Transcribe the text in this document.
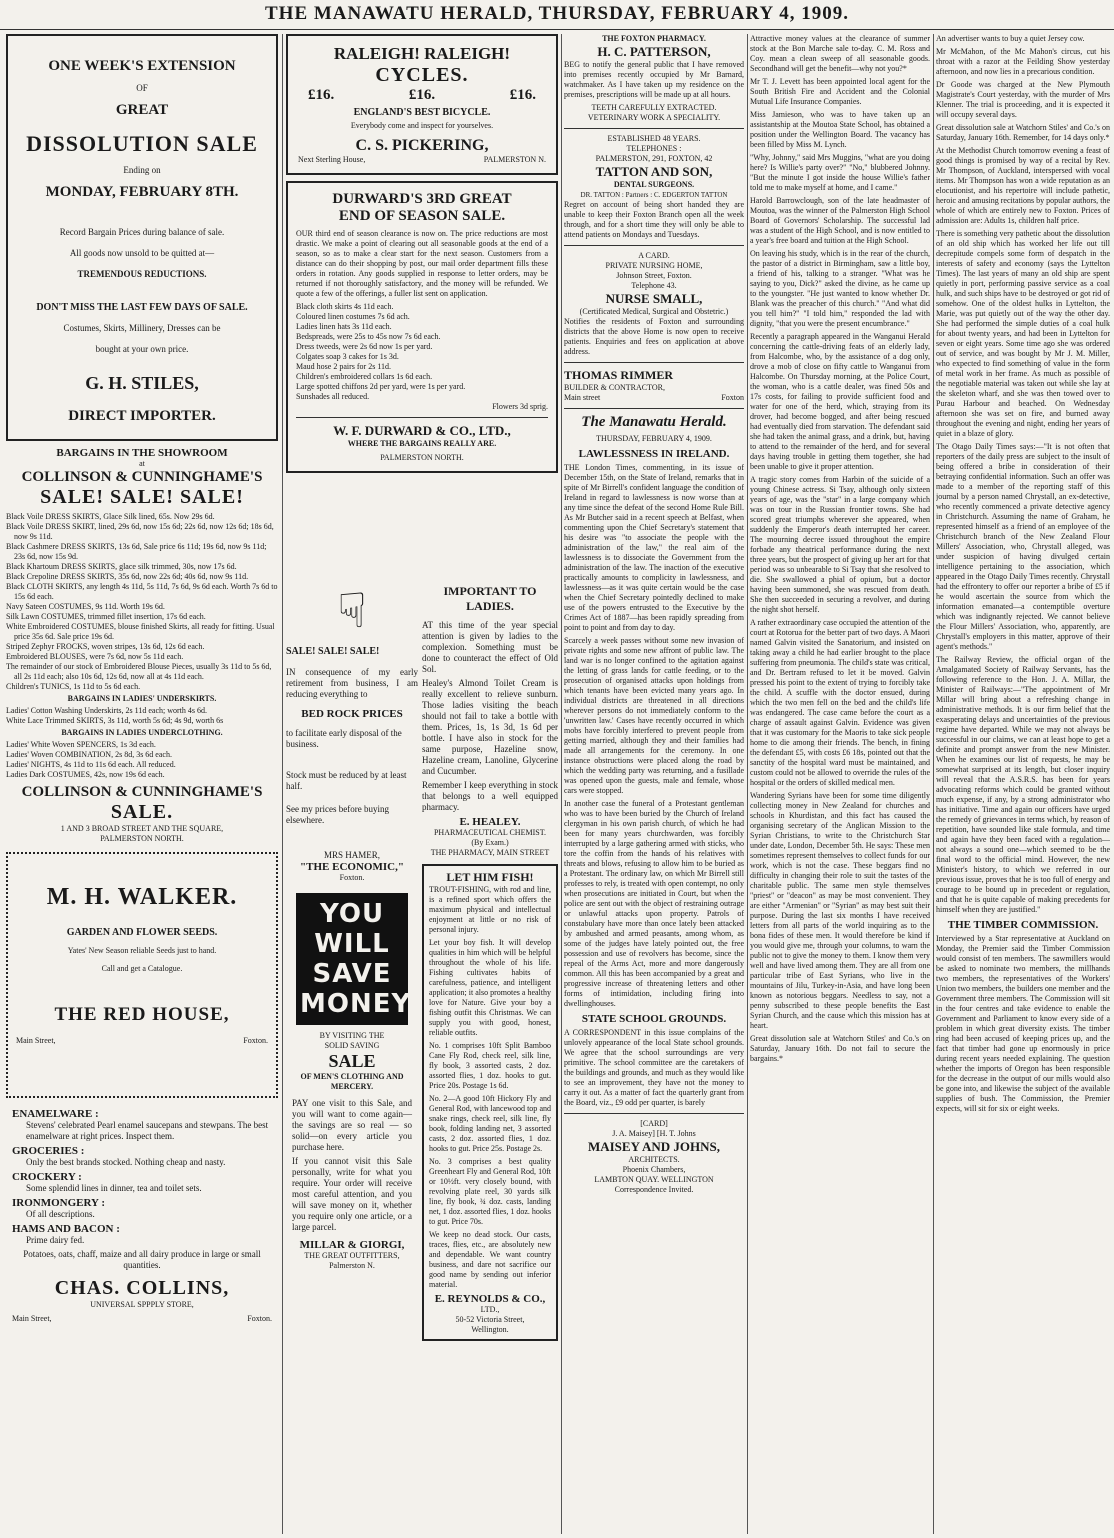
THE MANAWATU HERALD, THURSDAY, FEBRUARY 4, 1909.
ONE WEEK'S EXTENSION
OF
GREAT
DISSOLUTION SALE
Ending on
MONDAY, FEBRUARY 8TH.
Record Bargain Prices during balance of sale.
All goods now unsold to be quitted at—
TREMENDOUS REDUCTIONS.
DON'T MISS THE LAST FEW DAYS OF SALE.
Costumes, Skirts, Millinery, Dresses can be
bought at your own price.
G. H. STILES,
DIRECT IMPORTER.
BARGAINS IN THE SHOWROOM
at
COLLINSON & CUNNINGHAME'S
SALE! SALE! SALE!
Black Voile DRESS SKIRTS, Glace Silk lined, 65s. Now 29s 6d.
Black Voile DRESS SKIRT, lined, 29s 6d, now 15s 6d; 22s 6d, now 12s 6d; 18s 6d, now 9s 11d.
Black Cashmere DRESS SKIRTS, 13s 6d, Sale price 6s 11d; 19s 6d, now 9s 11d; 23s 6d, now 15s 9d.
Black Khartoum DRESS SKIRTS, glace silk trimmed, 30s, now 17s 6d.
Black Crepoline DRESS SKIRTS, 35s 6d, now 22s 6d; 40s 6d, now 9s 11d.
Black CLOTH SKIRTS, any length 4s 11d, 5s 11d, 7s 6d, 9s 6d each. Worth 7s 6d to 15s 6d each.
Navy Sateen COSTUMES, 9s 11d. Worth 19s 6d.
Silk Lawn COSTUMES, trimmed fillet insertion, 17s 6d each.
White Embroidered COSTUMES, blouse finished Skirts, all ready for fitting. Usual price 35s 6d. Sale price 19s 6d.
Striped Zephyr FROCKS, woven stripes, 13s 6d, 12s 6d each.
Embroidered BLOUSES, were 7s 6d, now 5s 11d each.
The remainder of our stock of Embroidered Blouse Pieces, usually 3s 11d to 5s 6d, all 2s 11d each; also 10s 6d, 12s 6d, now all at 4s 11d each.
Children's TUNICS, 1s 11d to 5s 6d each.
BARGAINS IN LADIES' UNDERSKIRTS.
Ladies' Cotton Washing Underskirts, 2s 11d each; worth 4s 6d.
White Lace Trimmed SKIRTS, 3s 11d, worth 5s 6d; 4s 9d, worth 6s
BARGAINS IN LADIES UNDERCLOTHING.
Ladies' White Woven SPENCERS, 1s 3d each.
Ladies' Woven COMBINATION, 2s 8d, 3s 6d each.
Ladies' NIGHTS, 4s 11d to 11s 6d each. All reduced.
Ladies Dark COSTUMES, 42s, now 19s 6d each.
COLLINSON & CUNNINGHAME'S
SALE.
1 AND 3 BROAD STREET AND THE SQUARE,
PALMERSTON NORTH.
M. H. WALKER.
GARDEN AND FLOWER SEEDS.
Yates' New Season reliable Seeds just to hand.
Call and get a Catalogue.
THE RED HOUSE,
Main Street,	Foxton.
ENAMELWARE :

Stevens' celebrated Pearl enamel saucepans and stewpans. The best enamelware at right prices. Inspect them.

GROCERIES :

Only the best brands stocked. Nothing cheap and nasty.

CROCKERY :

Some splendid lines in dinner, tea and toilet sets.

IRONMONGERY :

Of all descriptions.

HAMS AND BACON :

Prime dairy fed.

Potatoes, oats, chaff, maize and all dairy produce in large or small quantities.

CHAS. COLLINS,
UNIVERSAL SPPPLY STORE,
Main Street,	Foxton.
RALEIGH! RALEIGH!
CYCLES.
£16.	£16.	£16.
ENGLAND'S BEST BICYCLE.
Everybody come and inspect for yourselves.
C. S. PICKERING,
Next Sterling House,	PALMERSTON N.
DURWARD'S 3RD GREAT
END OF SEASON SALE.

OUR third end of season clearance is now on. The price reductions are most drastic. We make a point of clearing out all seasonable goods at the end of a season, so as to make a clear start for the next season. Customers from a distance can do their shopping by post, our mail order department fills these orders in rotation. Any goods supplied in response to letter orders, may be returned if not thoroughly satisfactory, and the money will be refunded. We quote a few of the offerings, a fuller list sent on application.

Black cloth skirts 4s 11d each.
Coloured linen costumes 7s 6d ach.
Ladies linen hats 3s 11d each.
Bedspreads, were 25s to 45s now 7s 6d each.
Dress tweeds, were 2s 6d now 1s per yard.
Colgates soap 3 cakes for 1s 3d.
Maud hose 2 pairs for 2s 11d.
Children's embroidered collars 1s 6d each.
Large spotted chiffons 2d per yard, were 1s per yard.
Sunshades all reduced.
Flowers 3d sprig.
W. F. DURWARD & CO., LTD.,
WHERE THE BARGAINS REALLY ARE.
PALMERSTON NORTH.
☟
SALE! SALE! SALE!

IN consequence of my early retirement from business, I am reducing everything to

BED ROCK PRICES

to facilitate early disposal of the business.

Stock must be reduced by at least half.

See my prices before buying elsewhere.

MRS HAMER,
"THE ECONOMIC,"
Foxton.
YOU
WILL
SAVE
MONEY
BY VISITING THE
SOLID SAVING
SALE
OF MEN'S CLOTHING AND MERCERY.

PAY one visit to this Sale, and you will want to come again—the savings are so real — so solid—on every article you purchase here.

If you cannot visit this Sale personally, write for what you require. Your order will receive most careful attention, and you will save money on it, whether you require only one article, or a large parcel.

MILLAR & GIORGI,
THE GREAT OUTFITTERS,
Palmerston N.
IMPORTANT TO
LADIES.

AT this time of the year special attention is given by ladies to the complexion. Something must be done to counteract the effect of Old Sol.

Healey's Almond Toilet Cream is really excellent to relieve sunburn. Those ladies visiting the beach should not fail to take a bottle with them. Prices, 1s, 1s 3d, 1s 6d per bottle. I have also in stock for the same purpose, Hazeline snow, Hazeline cream, Lanoline, Glycerine and Cucumber.

Remember I keep everything in stock that belongs to a well equipped pharmacy.

E. HEALEY.
PHARMACEUTICAL CHEMIST.
(By Exam.)
THE PHARMACY, MAIN STREET
LET HIM FISH!

TROUT-FISHING, with rod and line, is a refined sport which offers the maximum physical and intellectual enjoyment at little or no risk of personal injury.

Let your boy fish. It will develop qualities in him which will be helpful throughout the whole of his life. Fishing cultivates habits of carefulness, patience, and intelligent application; it also promotes a healthy love for Nature. Give your boy a fishing outfit this Christmas. We can supply you with good, honest, reliable outfits.

No. 1 comprises 10ft Split Bamboo Cane Fly Rod, check reel, silk line, fly book, 3 assorted casts, 2 doz. assorted flies, 1 doz. hooks to gut. Price 20s. Postage 1s 6d.

No. 2—A good 10ft Hickory Fly and General Rod, with lancewood top and snake rings, check reel, silk line, fly book, folding landing net, 3 assorted casts, 2 doz. assorted flies, 1 doz. hooks to gut. Price 25s. Postage 2s.

No. 3 comprises a best quality Greenheart Fly and General Rod, 10ft or 10½ft. very closely bound, with revolving plate reel, 30 yards silk line, fly book, ¾ doz. casts, landing net, 1 doz. assorted flies, 1 doz. hooks to gut. Price 70s.

We keep no dead stock. Our casts, traces, flies, etc., are absolutely new and dependable. We want country business, and dare not sacrifice our good name by sending out inferior material.

E. REYNOLDS & CO.,
LTD.,
50-52 Victoria Street,
Wellington.
THE FOXTON PHARMACY.
H. C. PATTERSON,

BEG to notify the general public that I have removed into premises recently occupied by Mr Barnard, watchmaker. As I have taken up my residence on the premises, prescriptions will be made up at all hours.

TEETH CAREFULLY EXTRACTED.
VETERINARY WORK A SPECIALITY.
ESTABLISHED 48 YEARS.
TELEPHONES :
PALMERSTON, 291, FOXTON, 42
TATTON AND SON,
DENTAL SURGEONS.
DR. TATTON : Partners : C. EDGERTON TATTON

Regret on account of being short handed they are unable to keep their Foxton Branch open all the week through, and for a short time they will only be able to attend patients on Mondays and Tuesdays.

A CARD.
PRIVATE NURSING HOME,
Johnson Street, Foxton.
Telephone 43.
NURSE SMALL,
(Certificated Medical, Surgical and Obstetric.)

Notifies the residents of Foxton and surrounding districts that the above Home is now open to receive patients. Enquiries and fees on application at above address.

THOMAS RIMMER
BUILDER & CONTRACTOR,
Main street	Foxton
The Manawatu Herald.
THURSDAY, FEBRUARY 4, 1909.
LAWLESSNESS IN IRELAND.

THE London Times, commenting, in its issue of December 15th, on the State of Ireland, remarks that in spite of Mr Birrell's confident language the condition of Ireland in regard to lawlessness is now worse than at any time since the defeat of the second Home Rule Bill. As Mr Butcher said in a recent speech at Belfast, when commenting upon the Chief Secretary's statement that his desire was "to associate the people with the administration of the law," the real aim of the lawlessness is to dissociate the Government from the administration of the law. The inaction of the executive practically amounts to complicity in lawlessness, and lawlessness—as it was quite certain would be the case when the Chief Secretary pointedly declined to make use of the powers entrusted to the Executive by the Crimes Act of 1887—has been rapidly spreading from point to point and from day to day.

Scarcely a week passes without some new invasion of private rights and some new affront of public law. The land war is no longer confined to the agitation against the letting of grass lands for cattle feeding, or to the prosecution of organised attacks upon holdings from which tenants have been evicted many years ago. In individual districts are threatened in all directions wherever persons do not immediately conform to the 'unwritten law.' Cases have recently occurred in which mobs have forcibly interfered to prevent people from getting married, although they and their families had made all arrangements for the ceremony. In one instance obstructions were placed along the road by which the wedding party was returning, and a fusillade was opened upon the guests, male and female, whose cars were stopped.

In another case the funeral of a Protestant gentleman who was to have been buried by the Church of Ireland clergyman in his own parish church, of which he had been for many years churchwarden, was forcibly interrupted by a large gathering armed with sticks, who tore the coffin from the hands of his relatives with threats and blows, refusing to allow him to be buried as a Protestant. The ordinary law, on which Mr Birrell still professes to rely, is treated with open contempt, no only when prosecutions are initiated in Court, but when the police are sent out with the object of restraining outrage or unlawful attacks upon property. Patrols of constabulary have more than once lately been attacked by ambushed and armed peasants, among whom, as some of the judges have lately pointed out, the free possession and use of revolvers has become, since the repeal of the Arms Act, more and more dangerously common. All this has been accompanied by a great and progressive increase of threatening letters and other forms of intimidation, including firing into dwellinghouses.

STATE SCHOOL GROUNDS.

A CORRESPONDENT in this issue complains of the unlovely appearance of the local State school grounds. We agree that the school surroundings are very primitive. The school committee are the caretakers of the buildings and grounds, and much as they would like to see an improvement, they have not the money to carry it out. As a matter of fact the quarterly grant from the Board, viz., £9 odd per quarter, is barely

[CARD]
J. A. Maisey] [H. T. Johns
MAISEY AND JOHNS,
ARCHITECTS.
Phoenix Chambers,
LAMBTON QUAY. WELLINGTON
Correspondence Invited.

Attractive money values at the clearance of summer stock at the Bon Marche sale to-day. C. M. Ross and Coy. mean a clean sweep of all seasonable goods. Secondhand will get the benefit—why not you?*

Mr T. J. Levett has been appointed local agent for the South British Fire and Accident and the Colonial Mutual Life Insurance Companies.

Miss Jamieson, who was to have taken up an assistantship at the Moutoa State School, has obtained a position under the Wellington Board. The vacancy has been filled by Miss M. Lynch.

"Why, Johnny," said Mrs Muggins, "what are you doing here? Is Willie's party over?" "No," blubbered Johnny. "But the minute I got inside the house Willie's father told me to make myself at home, and I came."

Harold Barrowclough, son of the late headmaster of Moutoa, was the winner of the Palmerston High School Board of Governors' Scholarship. The successful lad was a student of the High School, and is now entitled to a year's free board and tuition at the High School.

On leaving his study, which is in the rear of the church, the pastor of a district in Birmingham, saw a little boy, a friend of his, talking to a stranger. "What was he saying to you, Dick?" asked the divine, as he came up to the youngster. "He just wanted to know whether Dr. Blank was the preacher of this church." "And what did you tell him?" "I told him," responded the lad with dignity, "that you were the present encumbrance."

Recently a paragraph appeared in the Wanganui Herald concerning the cattle-driving feats of an elderly lady, from Halcombe, who, by the assistance of a dog only, drove a mob of close on fifty cattle to Wanganui from Halcombe. On Thursday morning, at the Police Court, the woman, who is a cattle dealer, was fined 50s and 17s costs, for failing to provide sufficient food and water for one of the herd, which, straying from its drover, had become bogged, and after being rescued had eventually died from starvation. The defendant said she had taken the animal grass, and a drink, but, having to attend to the remainder of the herd, and for several days having trouble in getting them together, she had been unable to give it proper attention.

A tragic story comes from Harbin of the suicide of a young Chinese actress. Si Tsay, although only sixteen years of age, was the "star" in a large company which was on tour in the Russian frontier towns. She had scored great triumphs wherever she appeared, when suddenly the Emperor's death interrupted her career. The mourning decree issued throughout the empire forbade any theatrical performance during the next three years, but the prospect of giving up her art for that period was so unbearable to Si Tsay that she resolved to die. She swallowed a phial of opium, but a doctor having been summoned, she was rescued from death. She then succeeded in securing a revolver, and during the night shot herself.

A rather extraordinary case occupied the attention of the court at Rotorua for the better part of two days. A Maori named Galvin visited the Sanatorium, and insisted on taking away a child he had earlier brought to the place suffering from pneumonia. The child's state was critical, and Dr. Bertram refused to let it be moved. Galvin pressed his point to the extent of trying to forcibly take the child. A scuffle with the doctor ensued, during which the two men fell on the bed and the child's life was endangered. The case came before the court as a charge of assault against Galvin. Evidence was given that it was customary for the Maoris to take sick people home to die among their friends. The bench, in fining the defendant £5, with costs £6 18s, pointed out that the sanctity of the hospital ward must be maintained, and custom could not be allowed to override the rules of the hospital or the orders of skilled medical men.

Wandering Syrians have been for some time diligently collecting money in New Zealand for churches and schools in Khurdistan, and this fact has caused the organising secretary of the Anglican Mission to the Syrian Christians, to write to the Christchurch Star under date, London, December 5th. He says: These men sometimes represent themselves to collect funds for our work, which is not the case. These beggars find no difficulty in changing their role to suit the tastes of the charitable public. The same men style themselves "priest" or "deacon" as may be most convenient. They are either "Armenian" or "Syrian" as may best suit their purpose. During the last six months I have received letters from all parts of the world inquiring as to the bona fides of these men. It would therefore be kind if you would give me, through your columns, to warn the public not to give the money to them. I know them very well and have lived among them. They are all from one particular tribe of East Syrians, who live in the mountains of Jilu, Turkey-in-Asia, and have long been known as notorious beggars. Needless to say, not a penny subscribed to these people benefits the East Syrian Church, and the cause which this mission has at heart.

Great dissolution sale at Watchorn Stiles' and Co.'s on Saturday, January 16th. Do not fail to secure the bargains.*

An advertiser wants to buy a quiet Jersey cow.

Mr McMahon, of the Mc Mahon's circus, cut his throat with a razor at the Feilding Show yesterday afternoon, and now lies in a precarious condition.

Dr Goode was charged at the New Plymouth Magistrate's Court yesterday, with the murder of Mrs Klenner. The trial is proceeding, and it is expected it will occupy several days.

Great dissolution sale at Watchorn Stiles' and Co.'s on Saturday, January 16th. Remember, for 14 days only.*

At the Methodist Church tomorrow evening a feast of good things is promised by way of a recital by Rev. Mr Thompson, of Auckland, interspersed with vocal items. Mr Thompson has won a wide reputation as an elocutionist, and his repertoire will include pathetic, heroic and amusing recitations by popular authors, the whole of which are entirely new to Foxton. Prices of admission are: Adults 1s, children half price.

There is something very pathetic about the dissolution of an old ship which has worked her life out till decrepitude compels some form of despatch in the interests of safety and economy (says the Lyttelton Times). The last years of many an old ship are spent quietly in port, performing passive service as a coal hulk, and such ships have to be destroyed or got rid of somehow. One of the oldest hulks in Lyttelton, the Marie, was put quietly out of the way the other day. She had performed the simple duties of a coal hulk for about twenty years, and had been in Lyttelton for seven or eight years. Some time ago she was ordered out of service, and was bought by Mr J. M. Miller, who expected to find something of value in the form of metal work in her frame. As much as possible of the negotiable material was taken out while she lay at the skeleton wharf, and she was then towed over to Purau Harbour and beached. On Wednesday afternoon she was set on fire, and burned away throughout the evening and night, ending her years of quiet in a blaze of glory.

The Otago Daily Times says:—"It is not often that reporters of the daily press are subject to the insult of being offered a bribe in consideration of their betraying confidential information. Such an offer was made to a member of the reporting staff of this journal by a person named Chrystall, an ex-detective, who recently commenced a private detective agency in Christchurch. Assuming the name of Graham, he represented himself as a friend of an employee of the Christchurch branch of the New Zealand Flour Millers' Association, who, Chrystall alleged, was under suspicion of having divulged certain intelligence pertaining to the association, which appeared in the Otago Daily Times recently. Chrystall had the effrontery to offer our reporter a bribe of £5 if he would ascertain the source from which the information emanated—a contemptible overture which was indignantly rejected. We cannot believe the Flour Millers' Association, who, apparently, are Chrystall's employers in this matter, approve of their agent's methods."

The Railway Review, the official organ of the Amalgamated Society of Railway Servants, has the following reference to the Hon. J. A. Millar, the Minister of Railways:—"The appointment of Mr Millar will bring about a refreshing change in administrative methods. It is our firm belief that the exasperating delays and uncertainties of the previous regime have departed. While we may not always be successful in our claims, we can at least hope to get a definite and prompt answer from the new Minister. When he examines our list of requests, he may be somewhat surprised at its length, but closer inquiry will reveal that the A.S.R.S. has been for years advocating reforms which could be granted without much expense, if any, by a strong administrator who has initiative. Time and again our officers have urged the remedy of grievances in terms which, by reason of repetition, have sounded like stale formula, and time and again have they been faced with a regulation—not always a sound one—which seemed to be the final word to the official mind. However, the new Minister's history, to which we referred in our previous issue, proves that he is too full of energy and courage to be bound up in precedent or regulation, and that he is quite capable of making precedents for himself when they are justified."

THE TIMBER COMMISSION.

Interviewed by a Star representative at Auckland on Monday, the Premier said the Timber Commission would consist of ten members. The sawmillers would be asked to nominate two members, the millhands two members, the representatives of the Workers' Union two members, the builders one member and the Government three members. The Commission will sit in the four centres and take evidence to enable the Government and Parliament to know every side of a problem in which great diversity exists. The timber ring had been accused of keeping prices up, and the fact that timber had gone up enormously in price during recent years needed explaining. The question whether the imports of Oregon has been responsible for the decrease in the output of our mills would also be gone into, and likewise the subject of the available supplies of bush. The Commission, the Premier expects, will sit for six or eight weeks.
